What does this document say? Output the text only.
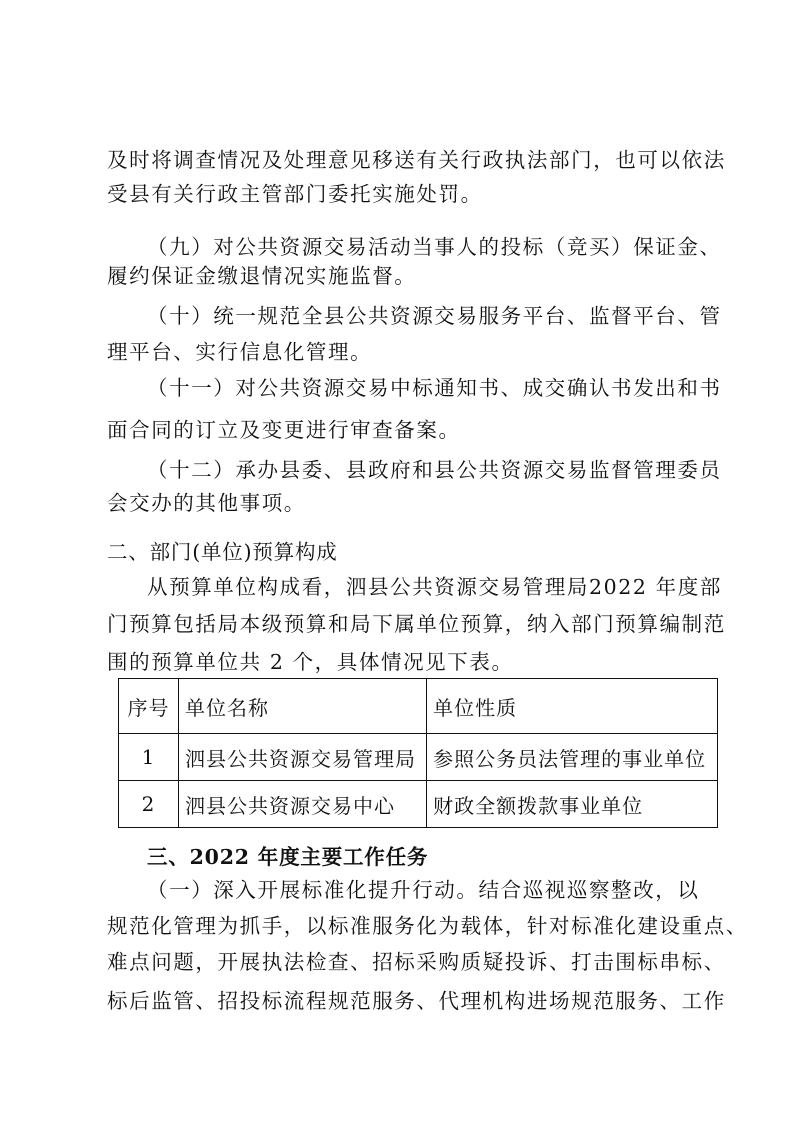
及时将调查情况及处理意见移送有关行政执法部门，也可以依法
受县有关行政主管部门委托实施处罚。
（九）对公共资源交易活动当事人的投标（竞买）保证金、
履约保证金缴退情况实施监督。
（十）统一规范全县公共资源交易服务平台、监督平台、管
理平台、实行信息化管理。
（十一）对公共资源交易中标通知书、成交确认书发出和书
面合同的订立及变更进行审查备案。
（十二）承办县委、县政府和县公共资源交易监督管理委员
会交办的其他事项。
二、部门(单位)预算构成
从预算单位构成看，泗县公共资源交易管理局2022 年度部
门预算包括局本级预算和局下属单位预算，纳入部门预算编制范
围的预算单位共 2 个，具体情况见下表。
序号	单位名称	单位性质
1	泗县公共资源交易管理局	参照公务员法管理的事业单位
2	泗县公共资源交易中心	财政全额拨款事业单位
三、2022 年度主要工作任务
（一）深入开展标准化提升行动。结合巡视巡察整改，以
规范化管理为抓手，以标准服务化为载体，针对标准化建设重点、
难点问题，开展执法检查、招标采购质疑投诉、打击围标串标、
标后监管、招投标流程规范服务、代理机构进场规范服务、工作
